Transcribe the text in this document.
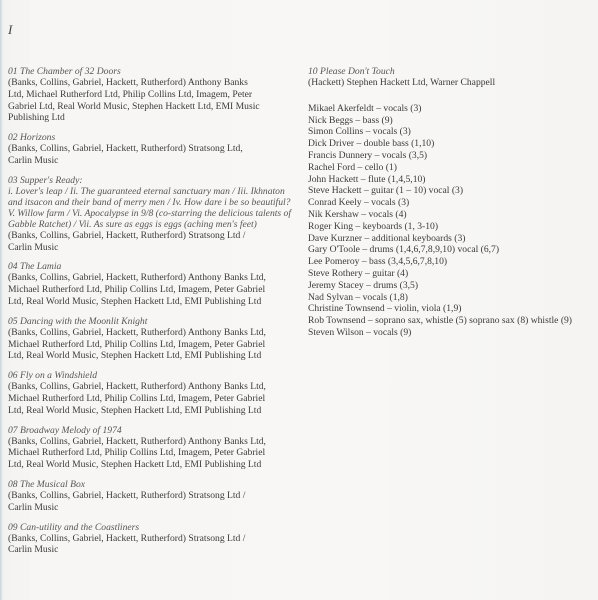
I
01 The Chamber of 32 Doors
(Banks, Collins, Gabriel, Hackett, Rutherford) Anthony Banks
Ltd, Michael Rutherford Ltd, Philip Collins Ltd, Imagem, Peter
Gabriel Ltd, Real World Music, Stephen Hackett Ltd, EMI Music
Publishing Ltd
02 Horizons
(Banks, Collins, Gabriel, Hackett, Rutherford) Stratsong Ltd,
Carlin Music
03 Supper's Ready:
i. Lover's leap / Ii. The guaranteed eternal sanctuary man / Iii. Ikhnaton
and itsacon and their band of merry men / Iv. How dare i be so beautiful?
V. Willow farm / Vi. Apocalypse in 9/8 (co-starring the delicious talents of
Gabble Ratchet) / Vii. As sure as eggs is eggs (aching men's feet)
(Banks, Collins, Gabriel, Hackett, Rutherford) Stratsong Ltd /
Carlin Music
04 The Lamia
(Banks, Collins, Gabriel, Hackett, Rutherford) Anthony Banks Ltd,
Michael Rutherford Ltd, Philip Collins Ltd, Imagem, Peter Gabriel
Ltd, Real World Music, Stephen Hackett Ltd, EMI Publishing Ltd
05 Dancing with the Moonlit Knight
(Banks, Collins, Gabriel, Hackett, Rutherford) Anthony Banks Ltd,
Michael Rutherford Ltd, Philip Collins Ltd, Imagem, Peter Gabriel
Ltd, Real World Music, Stephen Hackett Ltd, EMI Publishing Ltd
06 Fly on a Windshield
(Banks, Collins, Gabriel, Hackett, Rutherford) Anthony Banks Ltd,
Michael Rutherford Ltd, Philip Collins Ltd, Imagem, Peter Gabriel
Ltd, Real World Music, Stephen Hackett Ltd, EMI Publishing Ltd
07 Broadway Melody of 1974
(Banks, Collins, Gabriel, Hackett, Rutherford) Anthony Banks Ltd,
Michael Rutherford Ltd, Philip Collins Ltd, Imagem, Peter Gabriel
Ltd, Real World Music, Stephen Hackett Ltd, EMI Publishing Ltd
08 The Musical Box
(Banks, Collins, Gabriel, Hackett, Rutherford) Stratsong Ltd /
Carlin Music
09 Can-utility and the Coastliners
(Banks, Collins, Gabriel, Hackett, Rutherford) Stratsong Ltd /
Carlin Music
10 Please Don't Touch
(Hackett) Stephen Hackett Ltd, Warner Chappell
Mikael Akerfeldt – vocals (3)
Nick Beggs – bass (9)
Simon Collins – vocals (3)
Dick Driver – double bass (1,10)
Francis Dunnery – vocals (3,5)
Rachel Ford – cello (1)
John Hackett – flute (1,4,5,10)
Steve Hackett – guitar (1 – 10) vocal (3)
Conrad Keely – vocals (3)
Nik Kershaw – vocals (4)
Roger King – keyboards (1, 3-10)
Dave Kurzner – additional keyboards (3)
Gary O'Toole – drums (1,4,6,7,8,9,10) vocal (6,7)
Lee Pomeroy – bass (3,4,5,6,7,8,10)
Steve Rothery – guitar (4)
Jeremy Stacey – drums (3,5)
Nad Sylvan – vocals (1,8)
Christine Townsend – violin, viola (1,9)
Rob Townsend – soprano sax, whistle (5) soprano sax (8) whistle (9)
Steven Wilson – vocals (9)
